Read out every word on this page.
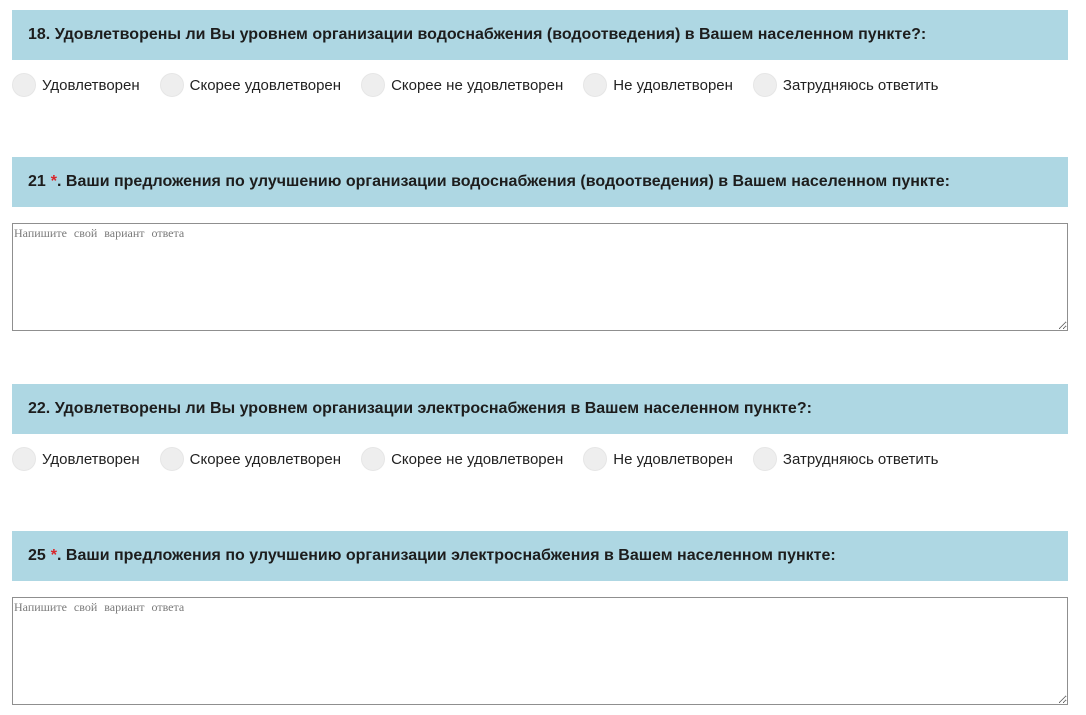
18 . Удовлетворены ли Вы уровнем организации водоснабжения (водоотведения) в Вашем населенном пункте?:
Удовлетворен	Скорее удовлетворен	Скорее не удовлетворен	Не удовлетворен	Затрудняюсь ответить
21 * . Ваши предложения по улучшению организации водоснабжения (водоотведения) в Вашем населенном пункте:
Напишите свой вариант ответа
22 . Удовлетворены ли Вы уровнем организации электроснабжения в Вашем населенном пункте?:
Удовлетворен	Скорее удовлетворен	Скорее не удовлетворен	Не удовлетворен	Затрудняюсь ответить
25 * . Ваши предложения по улучшению организации электроснабжения в Вашем населенном пункте:
Напишите свой вариант ответа
